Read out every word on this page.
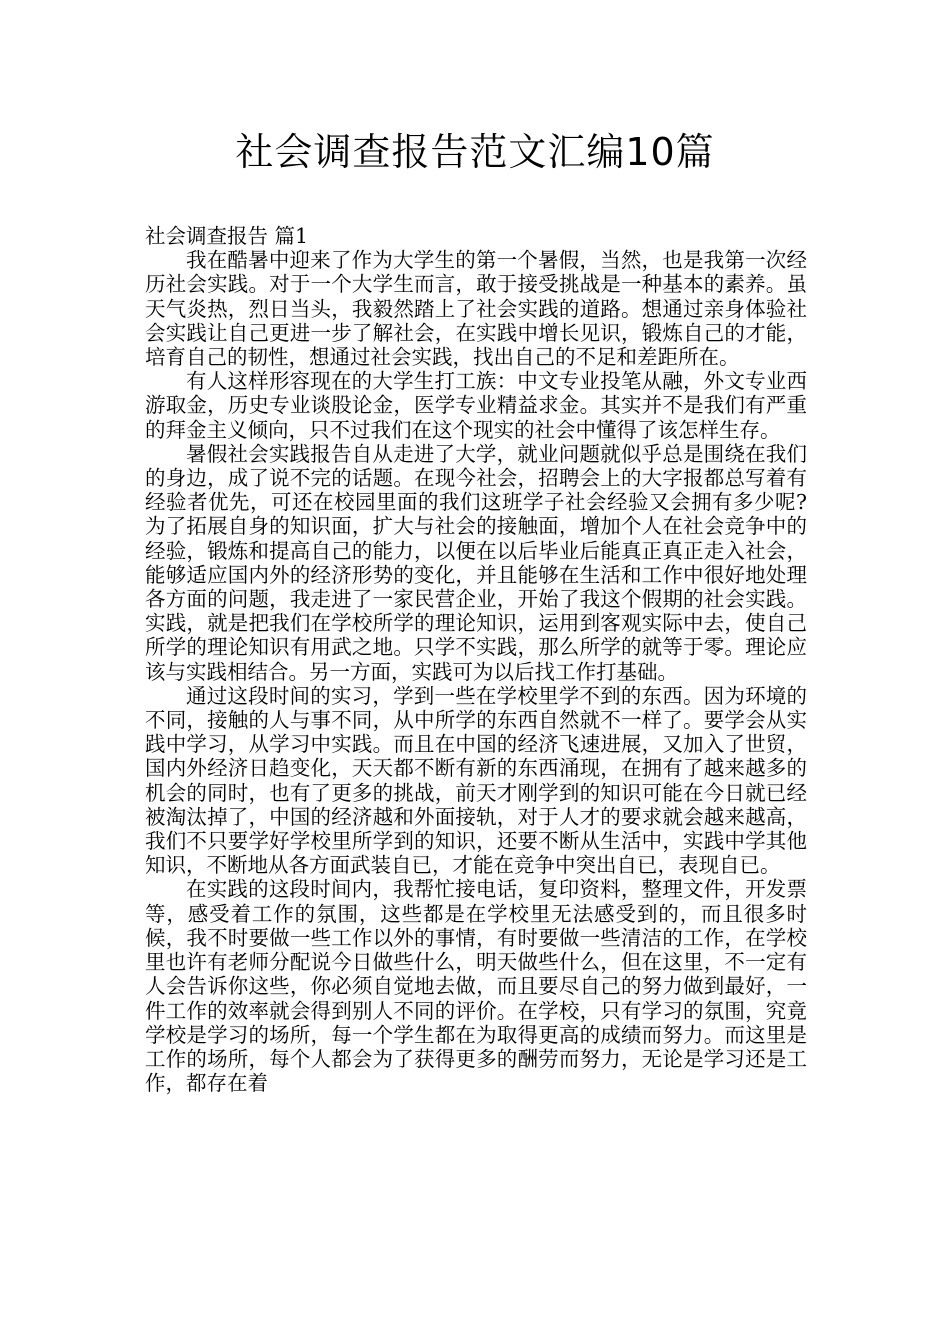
社会调查报告范文汇编10篇

社会调查报告 篇1

我在酷暑中迎来了作为大学生的第一个暑假，当然，也是我第一次经历社会实践。对于一个大学生而言，敢于接受挑战是一种基本的素养。虽天气炎热，烈日当头，我毅然踏上了社会实践的道路。想通过亲身体验社会实践让自己更进一步了解社会，在实践中增长见识，锻炼自己的才能，培育自己的韧性，想通过社会实践，找出自己的不足和差距所在。

有人这样形容现在的大学生打工族：中文专业投笔从融，外文专业西游取金，历史专业谈股论金，医学专业精益求金。其实并不是我们有严重的拜金主义倾向，只不过我们在这个现实的社会中懂得了该怎样生存。

暑假社会实践报告自从走进了大学，就业问题就似乎总是围绕在我们的身边，成了说不完的话题。在现今社会，招聘会上的大字报都总写着有经验者优先，可还在校园里面的我们这班学子社会经验又会拥有多少呢?为了拓展自身的知识面，扩大与社会的接触面，增加个人在社会竞争中的经验，锻炼和提高自己的能力，以便在以后毕业后能真正真正走入社会，能够适应国内外的经济形势的变化，并且能够在生活和工作中很好地处理各方面的问题，我走进了一家民营企业，开始了我这个假期的社会实践。实践，就是把我们在学校所学的理论知识，运用到客观实际中去，使自己所学的理论知识有用武之地。只学不实践，那么所学的就等于零。理论应该与实践相结合。另一方面，实践可为以后找工作打基础。

通过这段时间的实习，学到一些在学校里学不到的东西。因为环境的不同，接触的人与事不同，从中所学的东西自然就不一样了。要学会从实践中学习，从学习中实践。而且在中国的经济飞速进展，又加入了世贸，国内外经济日趋变化，天天都不断有新的东西涌现，在拥有了越来越多的机会的同时，也有了更多的挑战，前天才刚学到的知识可能在今日就已经被淘汰掉了，中国的经济越和外面接轨，对于人才的要求就会越来越高，我们不只要学好学校里所学到的知识，还要不断从生活中，实践中学其他知识，不断地从各方面武装自已，才能在竞争中突出自已，表现自已。

在实践的这段时间内，我帮忙接电话，复印资料，整理文件，开发票等，感受着工作的氛围，这些都是在学校里无法感受到的，而且很多时候，我不时要做一些工作以外的事情，有时要做一些清洁的工作，在学校里也许有老师分配说今日做些什么，明天做些什么，但在这里，不一定有人会告诉你这些，你必须自觉地去做，而且要尽自己的努力做到最好，一件工作的效率就会得到别人不同的评价。在学校，只有学习的氛围，究竟学校是学习的场所，每一个学生都在为取得更高的成绩而努力。而这里是工作的场所，每个人都会为了获得更多的酬劳而努力，无论是学习还是工作，都存在着
